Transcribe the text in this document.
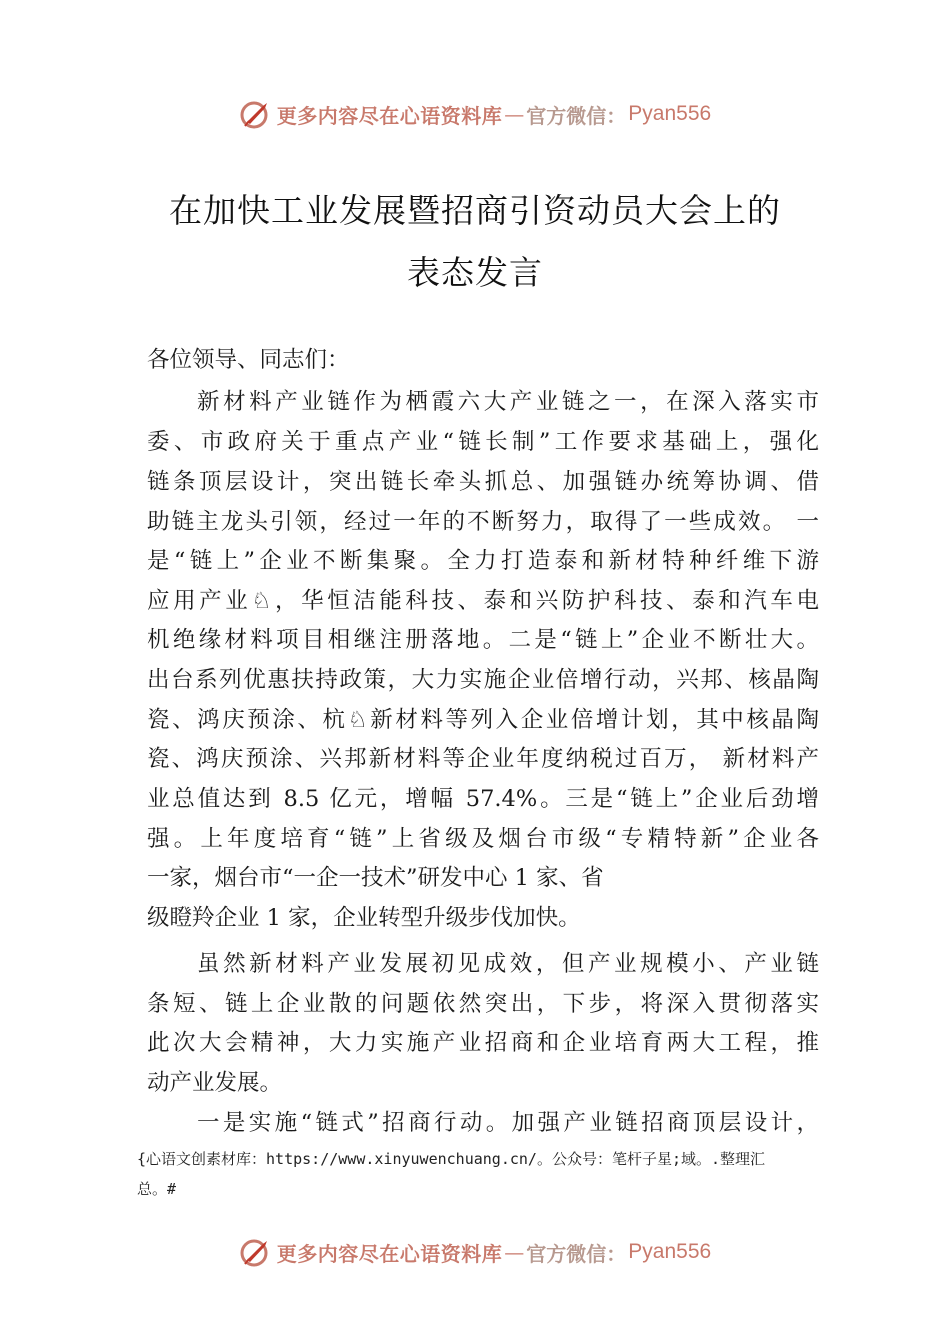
更多内容尽在心语资料库 — 官方微信： Pyan556
在加快工业发展暨招商引资动员大会上的
表态发言
各位领导、同志们：
新材料产业链作为栖霞六大产业链之一，在深入落实市
委、市政府关于重点产业“链长制”工作要求基础上，强化
链条顶层设计，突出链长牵头抓总、加强链办统筹协调、借
助链主龙头引领，经过一年的不断努力，取得了一些成效。 一
是“链上”企业不断集聚。全力打造泰和新材特种纤维下游
应用产业♘，华恒洁能科技、泰和兴防护科技、泰和汽车电
机绝缘材料项目相继注册落地。二是“链上”企业不断壮大。
出台系列优惠扶持政策，大力实施企业倍增行动，兴邦、核晶陶
瓷、鸿庆预涂、杭♘新材料等列入企业倍增计划，其中核晶陶
瓷、鸿庆预涂、兴邦新材料等企业年度纳税过百万， 新材料产
业总值达到 8.5 亿元，增幅 57.4%。三是“链上”企业后劲增
强。上年度培育“链”上省级及烟台市级“专精特新”企业各
一家，烟台市“一企一技术”研发中心 1 家、省
级瞪羚企业 1 家，企业转型升级步伐加快。
虽然新材料产业发展初见成效，但产业规模小、产业链
条短、链上企业散的问题依然突出，下步，将深入贯彻落实
此次大会精神，大力实施产业招商和企业培育两大工程，推
动产业发展。
一是实施“链式”招商行动。加强产业链招商顶层设计，
{心语文创素材库：https://www.xinyuwenchuang.cn/。公众号：笔杆子星;域。.整理汇
总。#
更多内容尽在心语资料库 — 官方微信： Pyan556
